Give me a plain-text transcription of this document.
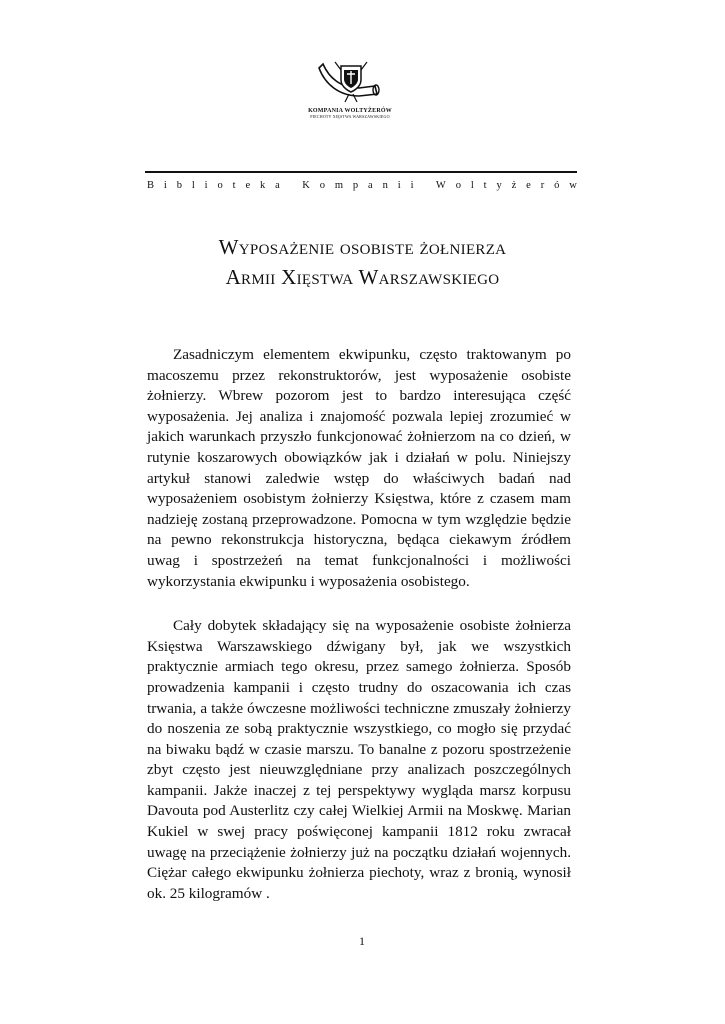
KOMPANIA WOLTYŻERÓW
PIECHOTY XIĘSTWA WARSZAWSKIEGO
B i b l i o t e k a
K o m p a n i i
W o l t y ż e r ó w
Wyposażenie osobiste żołnierza
Armii Xięstwa Warszawskiego

Zasadniczym elementem ekwipunku, często traktowanym po macoszemu przez rekonstruktorów, jest wyposażenie osobiste żołnierzy. Wbrew pozorom jest to bardzo interesująca część wyposażenia. Jej analiza i znajomość pozwala lepiej zrozumieć w jakich warunkach przyszło funkcjonować żołnierzom na co dzień, w rutynie koszarowych obowiązków jak i działań w polu. Niniejszy artykuł stanowi zaledwie wstęp do właściwych badań nad wyposażeniem osobistym żołnierzy Księstwa, które z czasem mam nadzieję zostaną przeprowadzone. Pomocna w tym względzie będzie na pewno rekonstrukcja historyczna, będąca ciekawym źródłem uwag i spostrzeżeń na temat funkcjonalności i możliwości wykorzystania ekwipunku i wyposażenia osobistego.

Cały dobytek składający się na wyposażenie osobiste żołnierza Księstwa Warszawskiego dźwigany był, jak we wszystkich praktycznie armiach tego okresu, przez samego żołnierza. Sposób prowadzenia kampanii i często trudny do oszacowania ich czas trwania, a także ówczesne możliwości techniczne zmuszały żołnierzy do noszenia ze sobą praktycznie wszystkiego, co mogło się przydać na biwaku bądź w czasie marszu. To banalne z pozoru spostrzeżenie zbyt często jest nieuwzględniane przy analizach poszczególnych kampanii. Jakże inaczej z tej perspektywy wygląda marsz korpusu Davouta pod Austerlitz czy całej Wielkiej Armii na Moskwę. Marian Kukiel w swej pracy poświęconej kampanii 1812 roku zwracał uwagę na przeciążenie żołnierzy już na początku działań wojennych. Ciężar całego ekwipunku żołnierza piechoty, wraz z bronią, wynosił ok. 25 kilogramów .

1
